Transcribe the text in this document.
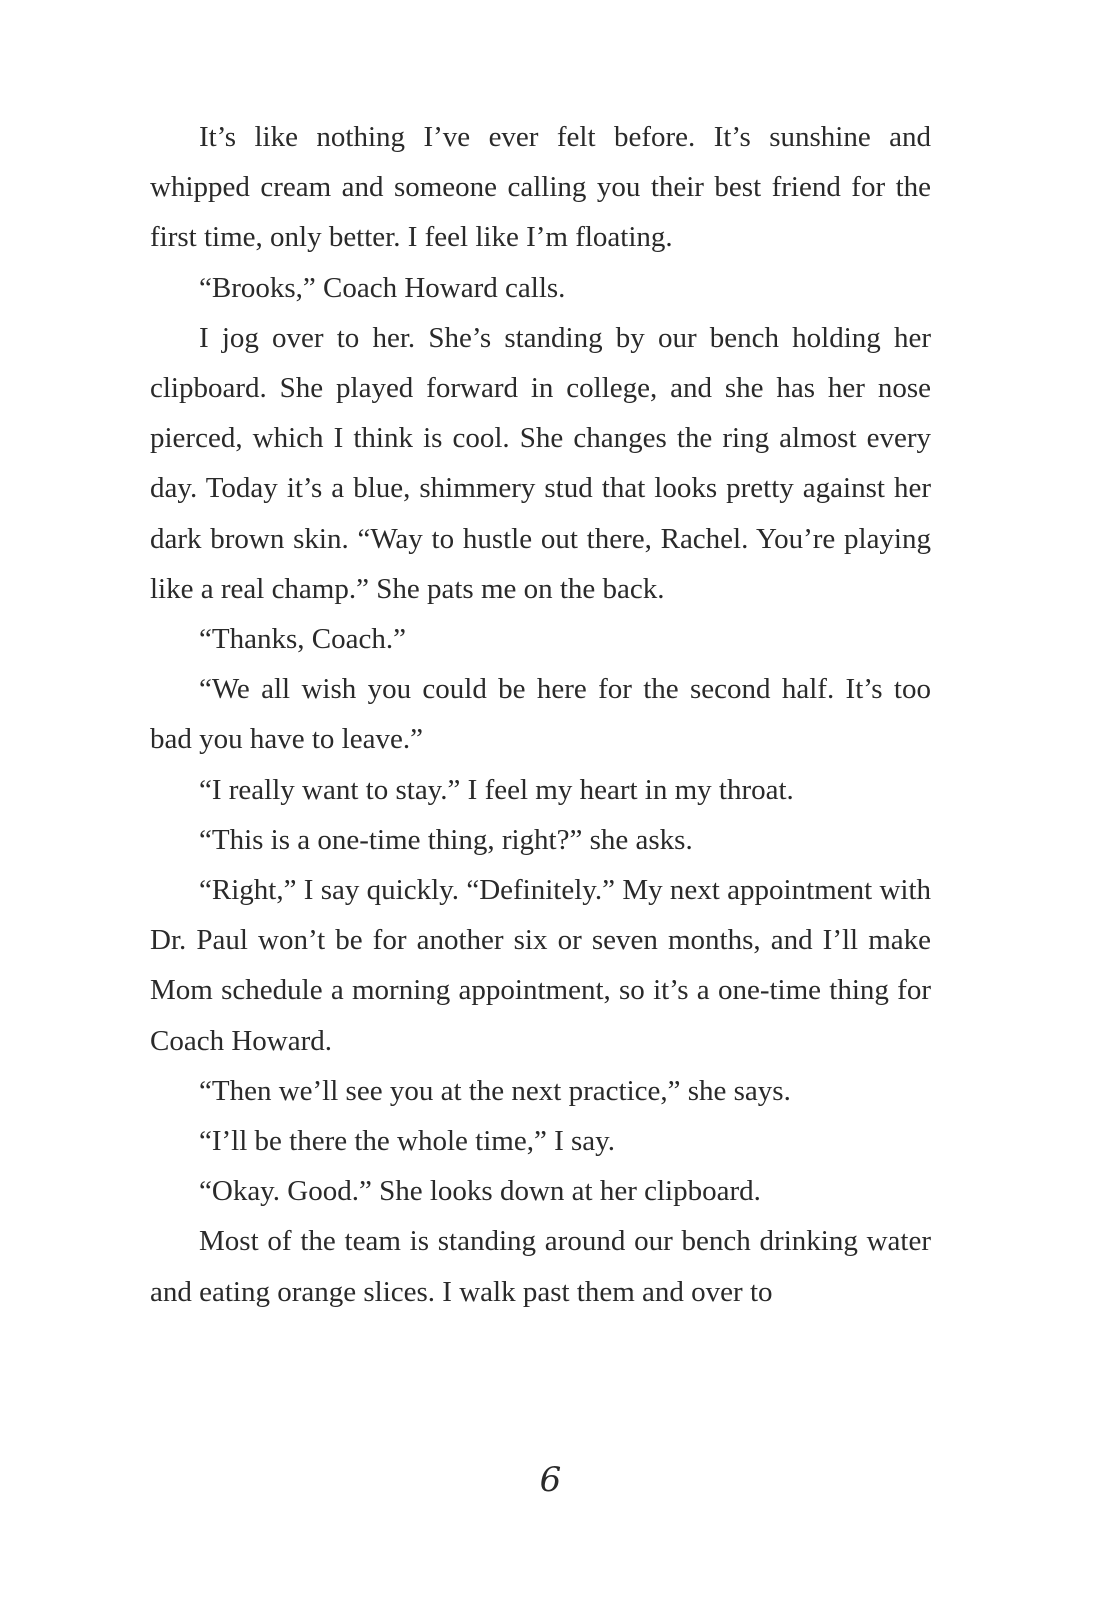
It’s like nothing I’ve ever felt before. It’s sunshine and whipped cream and someone calling you their best friend for the first time, only better. I feel like I’m floating.

“Brooks,” Coach Howard calls.

I jog over to her. She’s standing by our bench holding her clipboard. She played forward in college, and she has her nose pierced, which I think is cool. She changes the ring almost every day. Today it’s a blue, shimmery stud that looks pretty against her dark brown skin. “Way to hustle out there, Rachel. You’re playing like a real champ.” She pats me on the back.

“Thanks, Coach.”

“We all wish you could be here for the second half. It’s too bad you have to leave.”

“I really want to stay.” I feel my heart in my throat.

“This is a one-time thing, right?” she asks.

“Right,” I say quickly. “Definitely.” My next appointment with Dr. Paul won’t be for another six or seven months, and I’ll make Mom schedule a morning appointment, so it’s a one-time thing for Coach Howard.

“Then we’ll see you at the next practice,” she says.

“I’ll be there the whole time,” I say.

“Okay. Good.” She looks down at her clipboard.

Most of the team is standing around our bench drinking water and eating orange slices. I walk past them and over to

6
